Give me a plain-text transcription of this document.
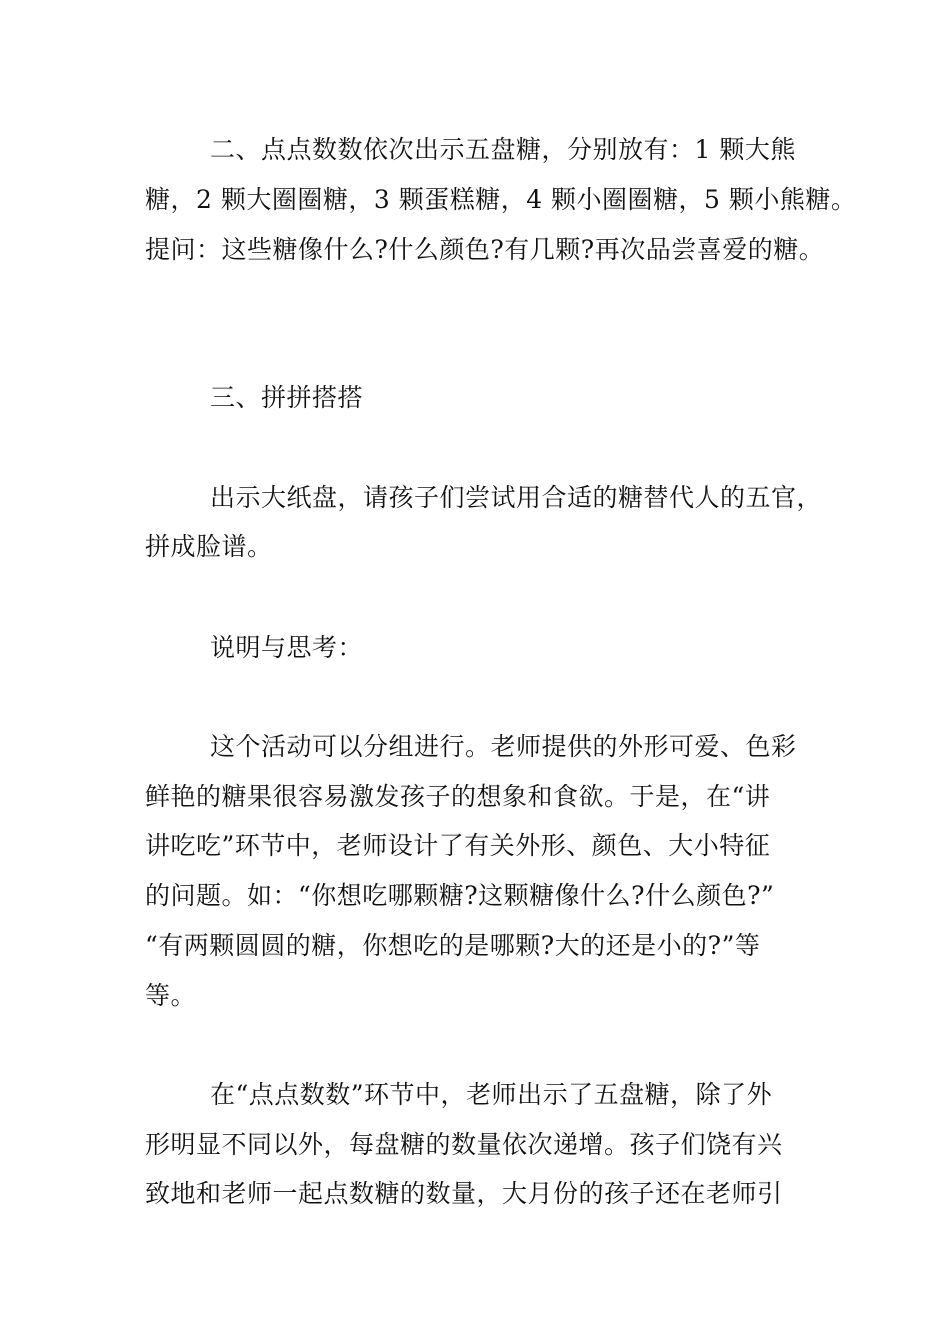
二、点点数数依次出示五盘糖，分别放有：1 颗大熊
糖，2 颗大圈圈糖，3 颗蛋糕糖，4 颗小圈圈糖，5 颗小熊糖。
提问：这些糖像什么?什么颜色?有几颗?再次品尝喜爱的糖。
三、拼拼搭搭
出示大纸盘，请孩子们尝试用合适的糖替代人的五官，
拼成脸谱。
说明与思考：
这个活动可以分组进行。老师提供的外形可爱、色彩
鲜艳的糖果很容易激发孩子的想象和食欲。于是，在“讲
讲吃吃”环节中，老师设计了有关外形、颜色、大小特征
的问题。如：“你想吃哪颗糖?这颗糖像什么?什么颜色?”
“有两颗圆圆的糖，你想吃的是哪颗?大的还是小的?”等
等。
在“点点数数”环节中，老师出示了五盘糖，除了外
形明显不同以外，每盘糖的数量依次递增。孩子们饶有兴
致地和老师一起点数糖的数量，大月份的孩子还在老师引
